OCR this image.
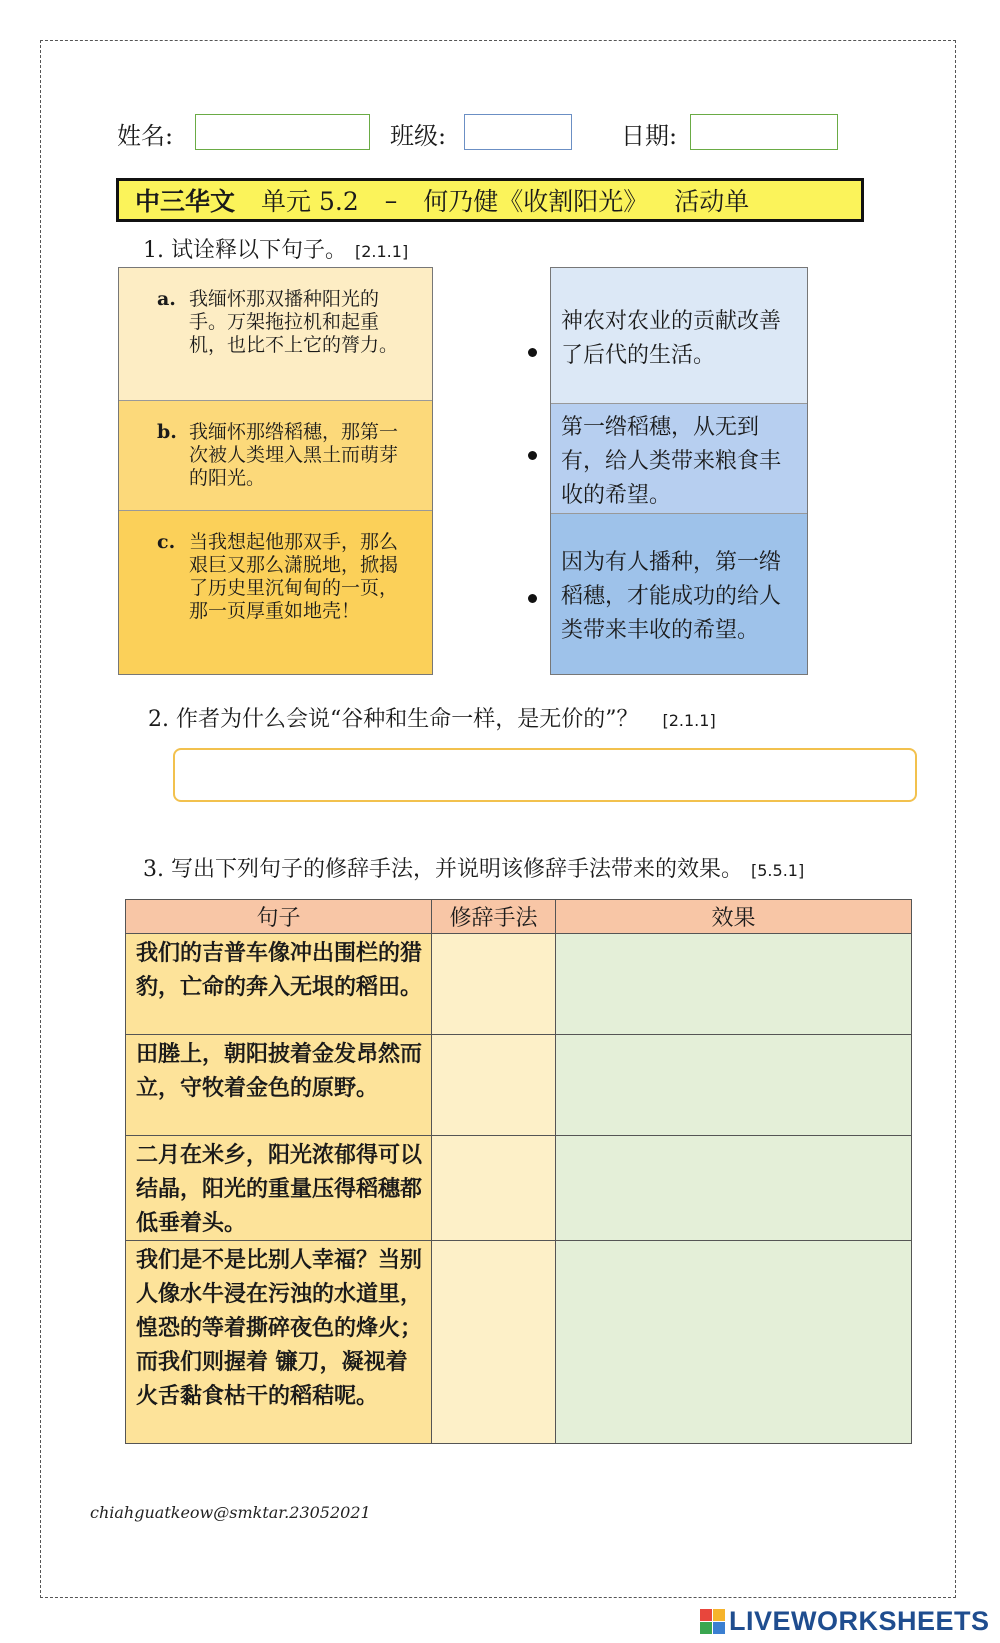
姓名:	班级:	日期:
中三华文 单元 5.2 – 何乃健《收割阳光》 活动单
1. 试诠释以下句子。 [2.1.1]
a. 我缅怀那双播种阳光的手。万架拖拉机和起重机，也比不上它的膂力。
b. 我缅怀那绺稻穗，那第一次被人类埋入黑土而萌芽的阳光。
c. 当我想起他那双手，那么艰巨又那么潇脱地，掀揭了历史里沉甸甸的一页，那一页厚重如地壳！
神农对农业的贡献改善了后代的生活。
第一绺稻穗，从无到有，给人类带来粮食丰收的希望。
因为有人播种，第一绺稻穗，才能成功的给人类带来丰收的希望。
2. 作者为什么会说“谷种和生命一样，是无价的”？ [2.1.1]
3. 写出下列句子的修辞手法，并说明该修辞手法带来的效果。 [5.5.1]
句子	修辞手法	效果
我们的吉普车像冲出围栏的猎豹，亡命的奔入无垠的稻田。		
田塍上，朝阳披着金发昂然而立，守牧着金色的原野。		
二月在米乡，阳光浓郁得可以结晶，阳光的重量压得稻穗都低垂着头。		
我们是不是比别人幸福？当别人像水牛浸在污浊的水道里，惶恐的等着撕碎夜色的烽火；而我们则握着 镰刀，凝视着火舌黏食枯干的稻秸呢。		
chiahguatkeow@smktar.23052021
LIVEWORKSHEETS
